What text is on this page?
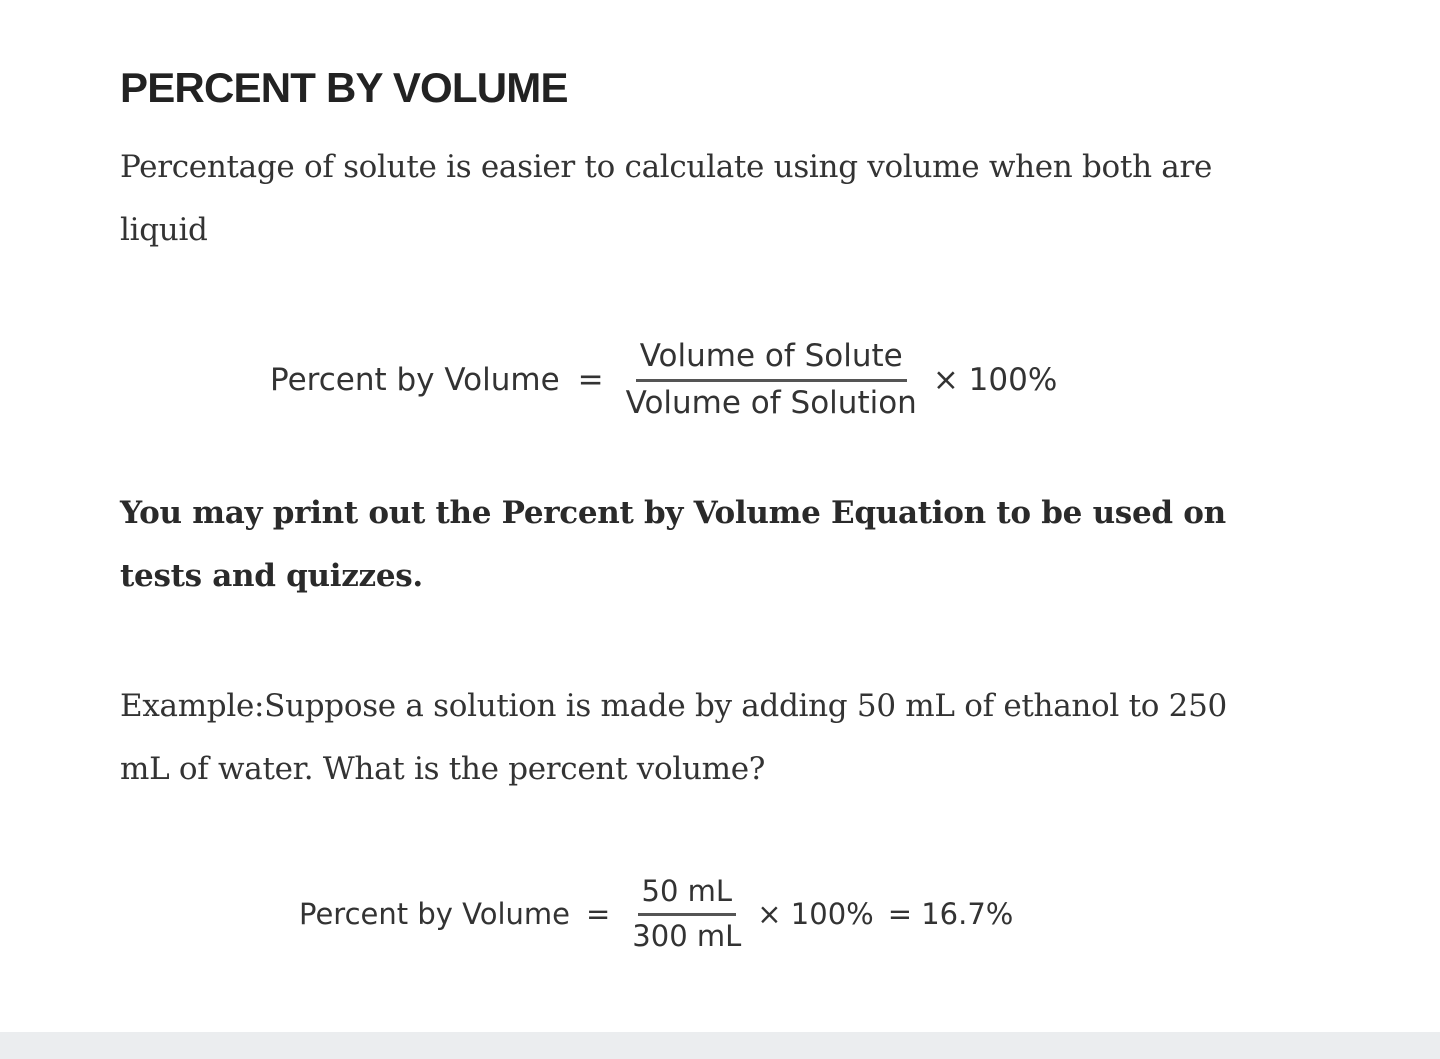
PERCENT BY VOLUME

Percentage of solute is easier to calculate using volume when both are liquid

You may print out the Percent by Volume Equation to be used on tests and quizzes.

Example:Suppose a solution is made by adding 50 mL of ethanol to 250 mL of water. What is the percent volume?

Percent by Volume = $\frac{\text{Volume of Solute}}{\text{Volume of Solution}} \times 100\%$
Percent by Volume = $\frac{50 mL}{300 mL} \times 100\% = 16.7\%$
